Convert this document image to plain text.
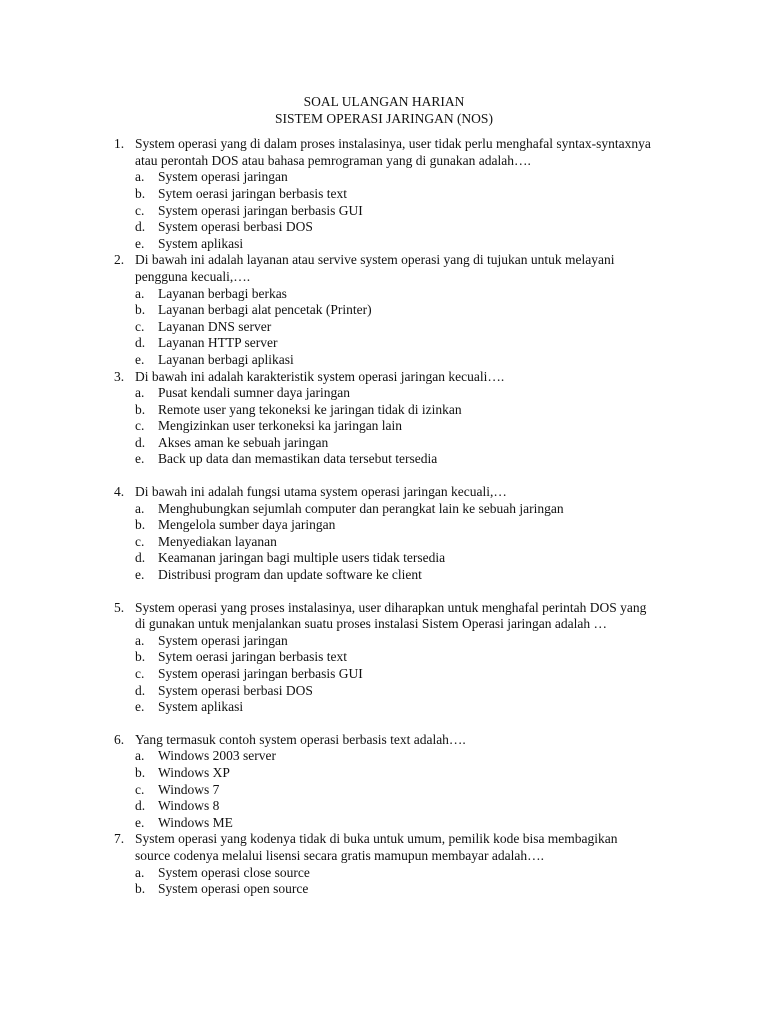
SOAL ULANGAN HARIAN
SISTEM OPERASI JARINGAN (NOS)
1. System operasi yang di dalam proses instalasinya, user tidak perlu menghafal syntax-syntaxnya atau perontah DOS atau bahasa pemrograman yang di gunakan adalah….
a. System operasi jaringan
b. Sytem oerasi jaringan berbasis text
c. System operasi jaringan berbasis GUI
d. System operasi berbasi DOS
e. System aplikasi
2. Di bawah ini adalah layanan atau servive system operasi yang di tujukan untuk melayani pengguna kecuali,….
a. Layanan berbagi berkas
b. Layanan berbagi alat pencetak (Printer)
c. Layanan DNS server
d. Layanan HTTP server
e. Layanan berbagi aplikasi
3. Di bawah ini adalah karakteristik system operasi jaringan kecuali….
a. Pusat kendali sumner daya jaringan
b. Remote user yang tekoneksi ke jaringan tidak di izinkan
c. Mengizinkan user terkoneksi ka jaringan lain
d. Akses aman ke sebuah jaringan
e. Back up data dan memastikan data tersebut tersedia
4. Di bawah ini adalah fungsi utama system operasi jaringan kecuali,…
a. Menghubungkan sejumlah computer dan perangkat lain ke sebuah jaringan
b. Mengelola sumber daya jaringan
c. Menyediakan layanan
d. Keamanan jaringan bagi multiple users tidak tersedia
e. Distribusi program dan update software ke client
5. System operasi yang proses instalasinya, user diharapkan untuk menghafal perintah DOS yang di gunakan untuk menjalankan suatu proses instalasi Sistem Operasi jaringan adalah …
a. System operasi jaringan
b. Sytem oerasi jaringan berbasis text
c. System operasi jaringan berbasis GUI
d. System operasi berbasi DOS
e. System aplikasi
6. Yang termasuk contoh system operasi berbasis text adalah….
a. Windows 2003 server
b. Windows XP
c. Windows 7
d. Windows 8
e. Windows ME
7. System operasi yang kodenya tidak di buka untuk umum, pemilik kode bisa membagikan source codenya melalui lisensi secara gratis mamupun membayar adalah….
a. System operasi close source
b. System operasi open source
